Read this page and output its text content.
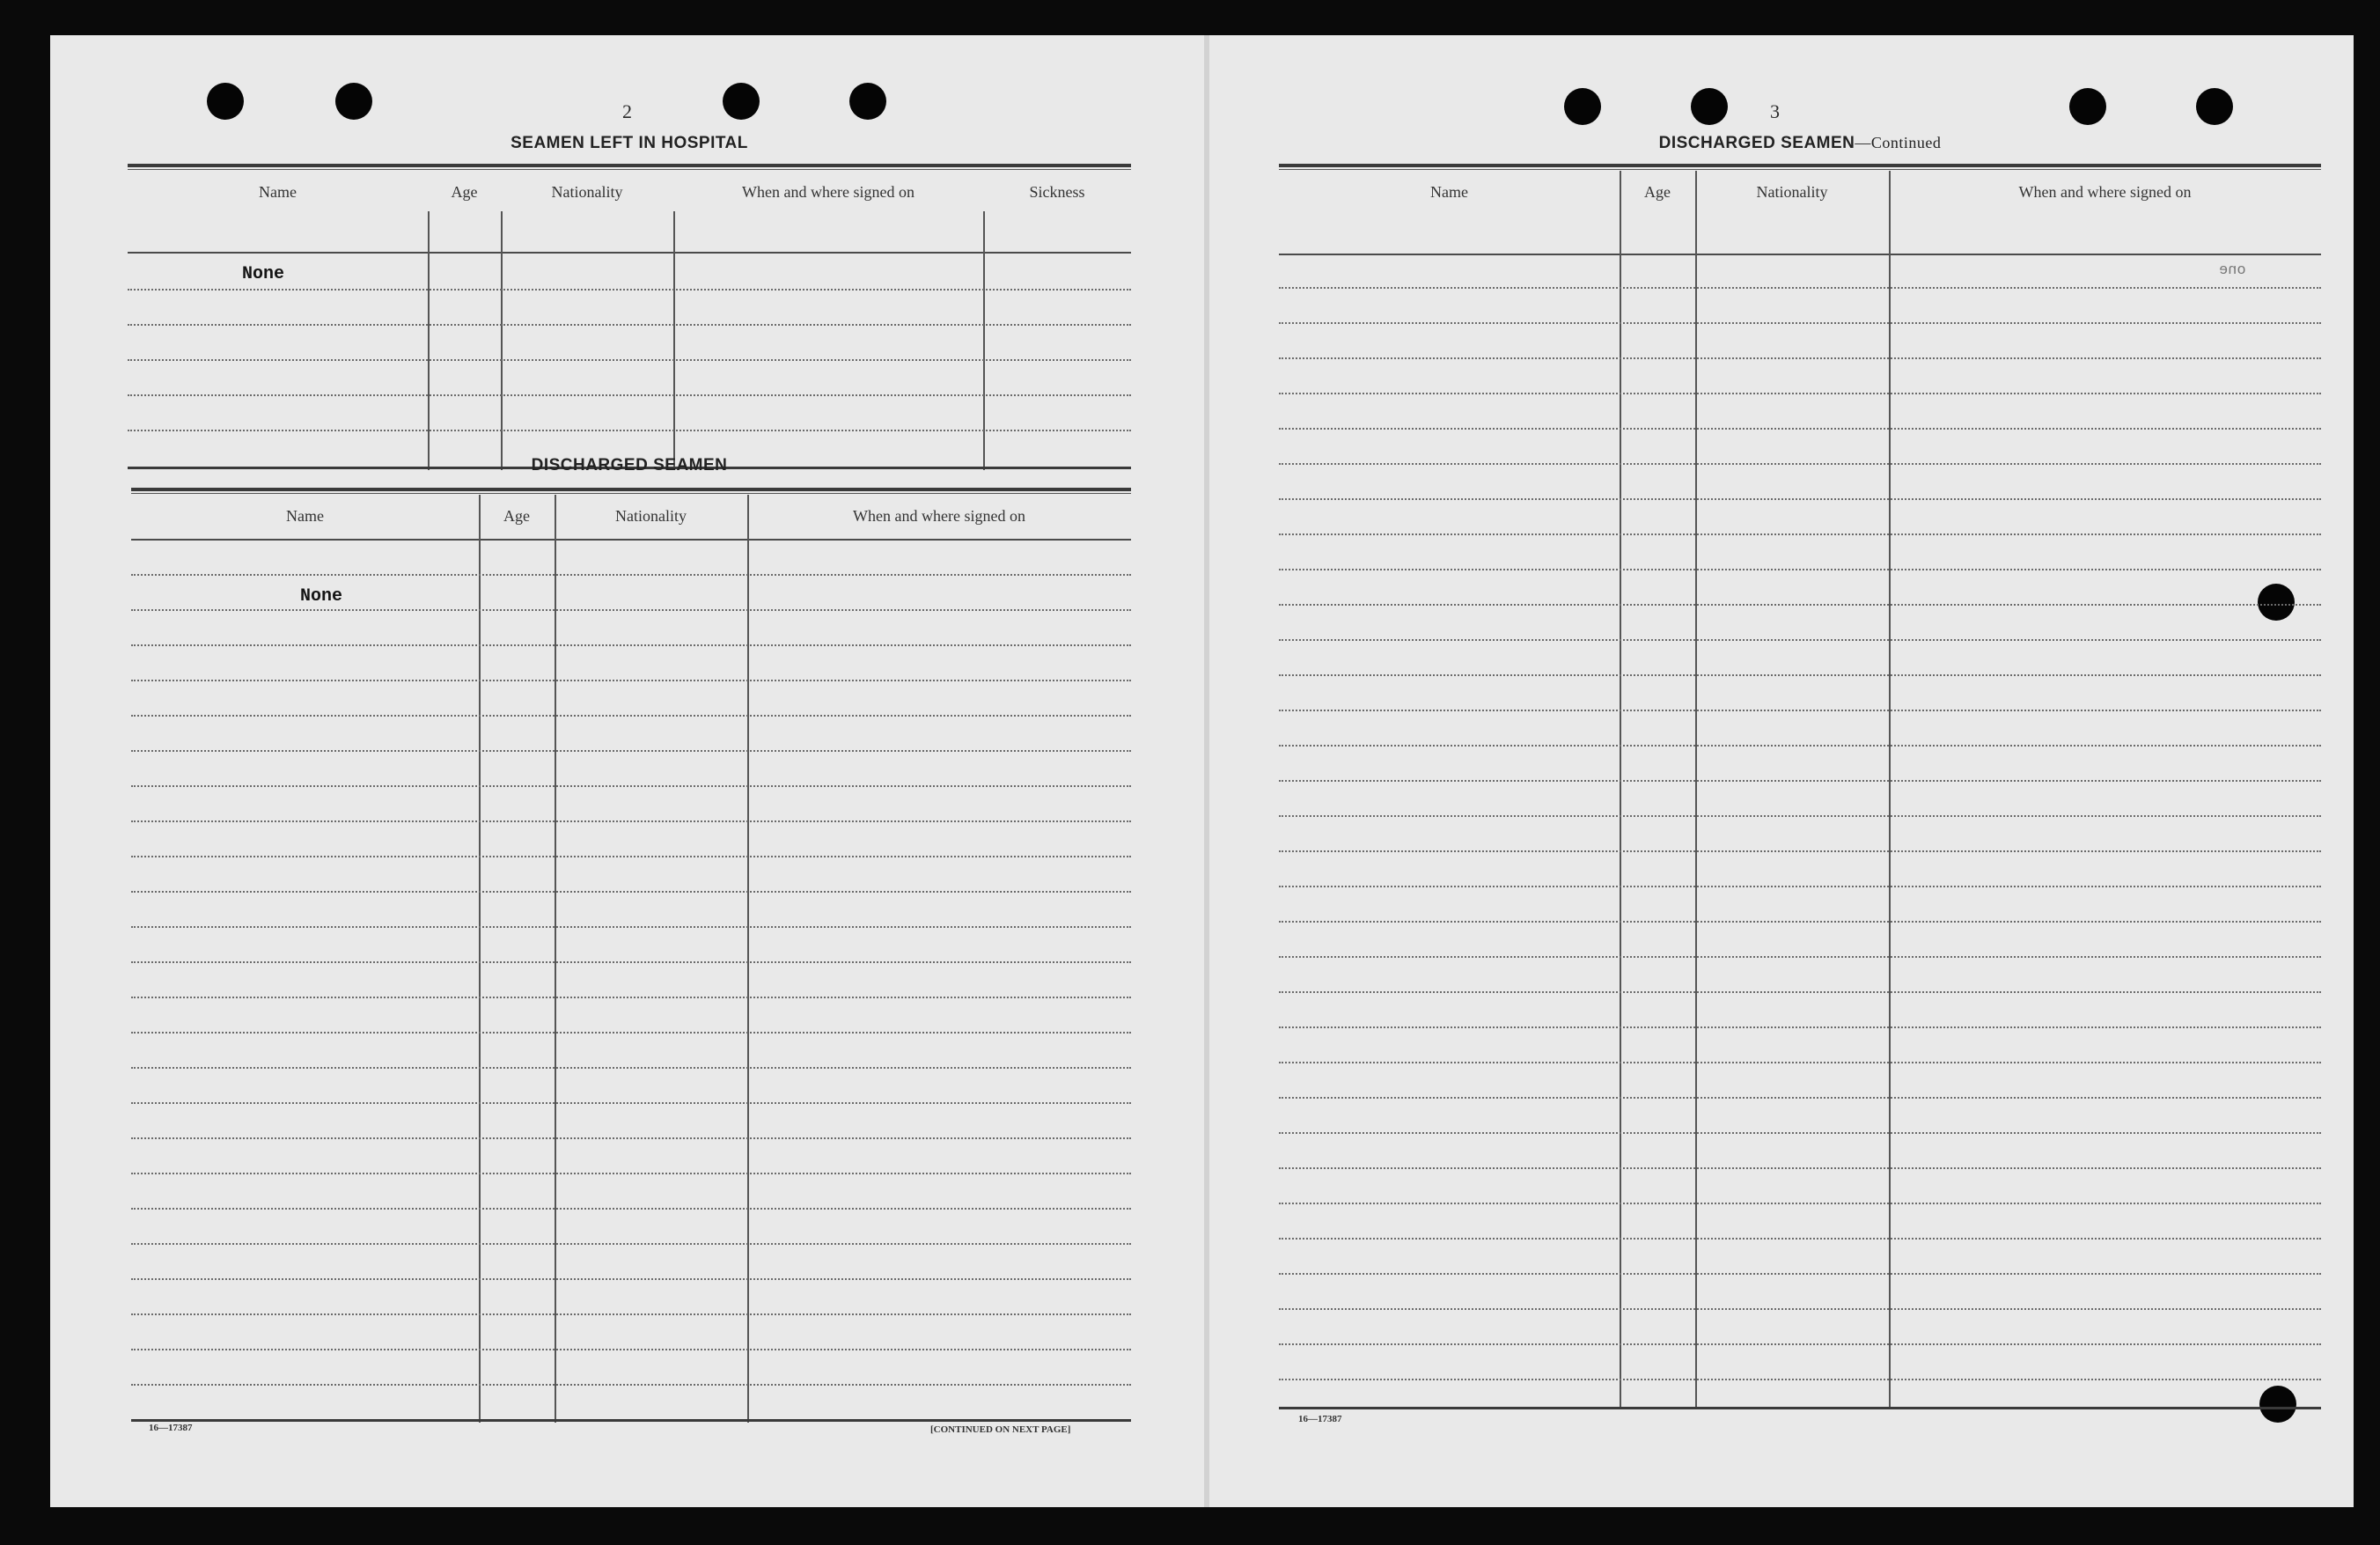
2
SEAMEN LEFT IN HOSPITAL
Name	Age	Nationality	When and where signed on	Sickness
None
DISCHARGED SEAMEN
Name	Age	Nationality	When and where signed on
None
16—17387	[CONTINUED ON NEXT PAGE]
3
DISCHARGED SEAMEN—Continued
Name	Age	Nationality	When and where signed on
one
16—17387
